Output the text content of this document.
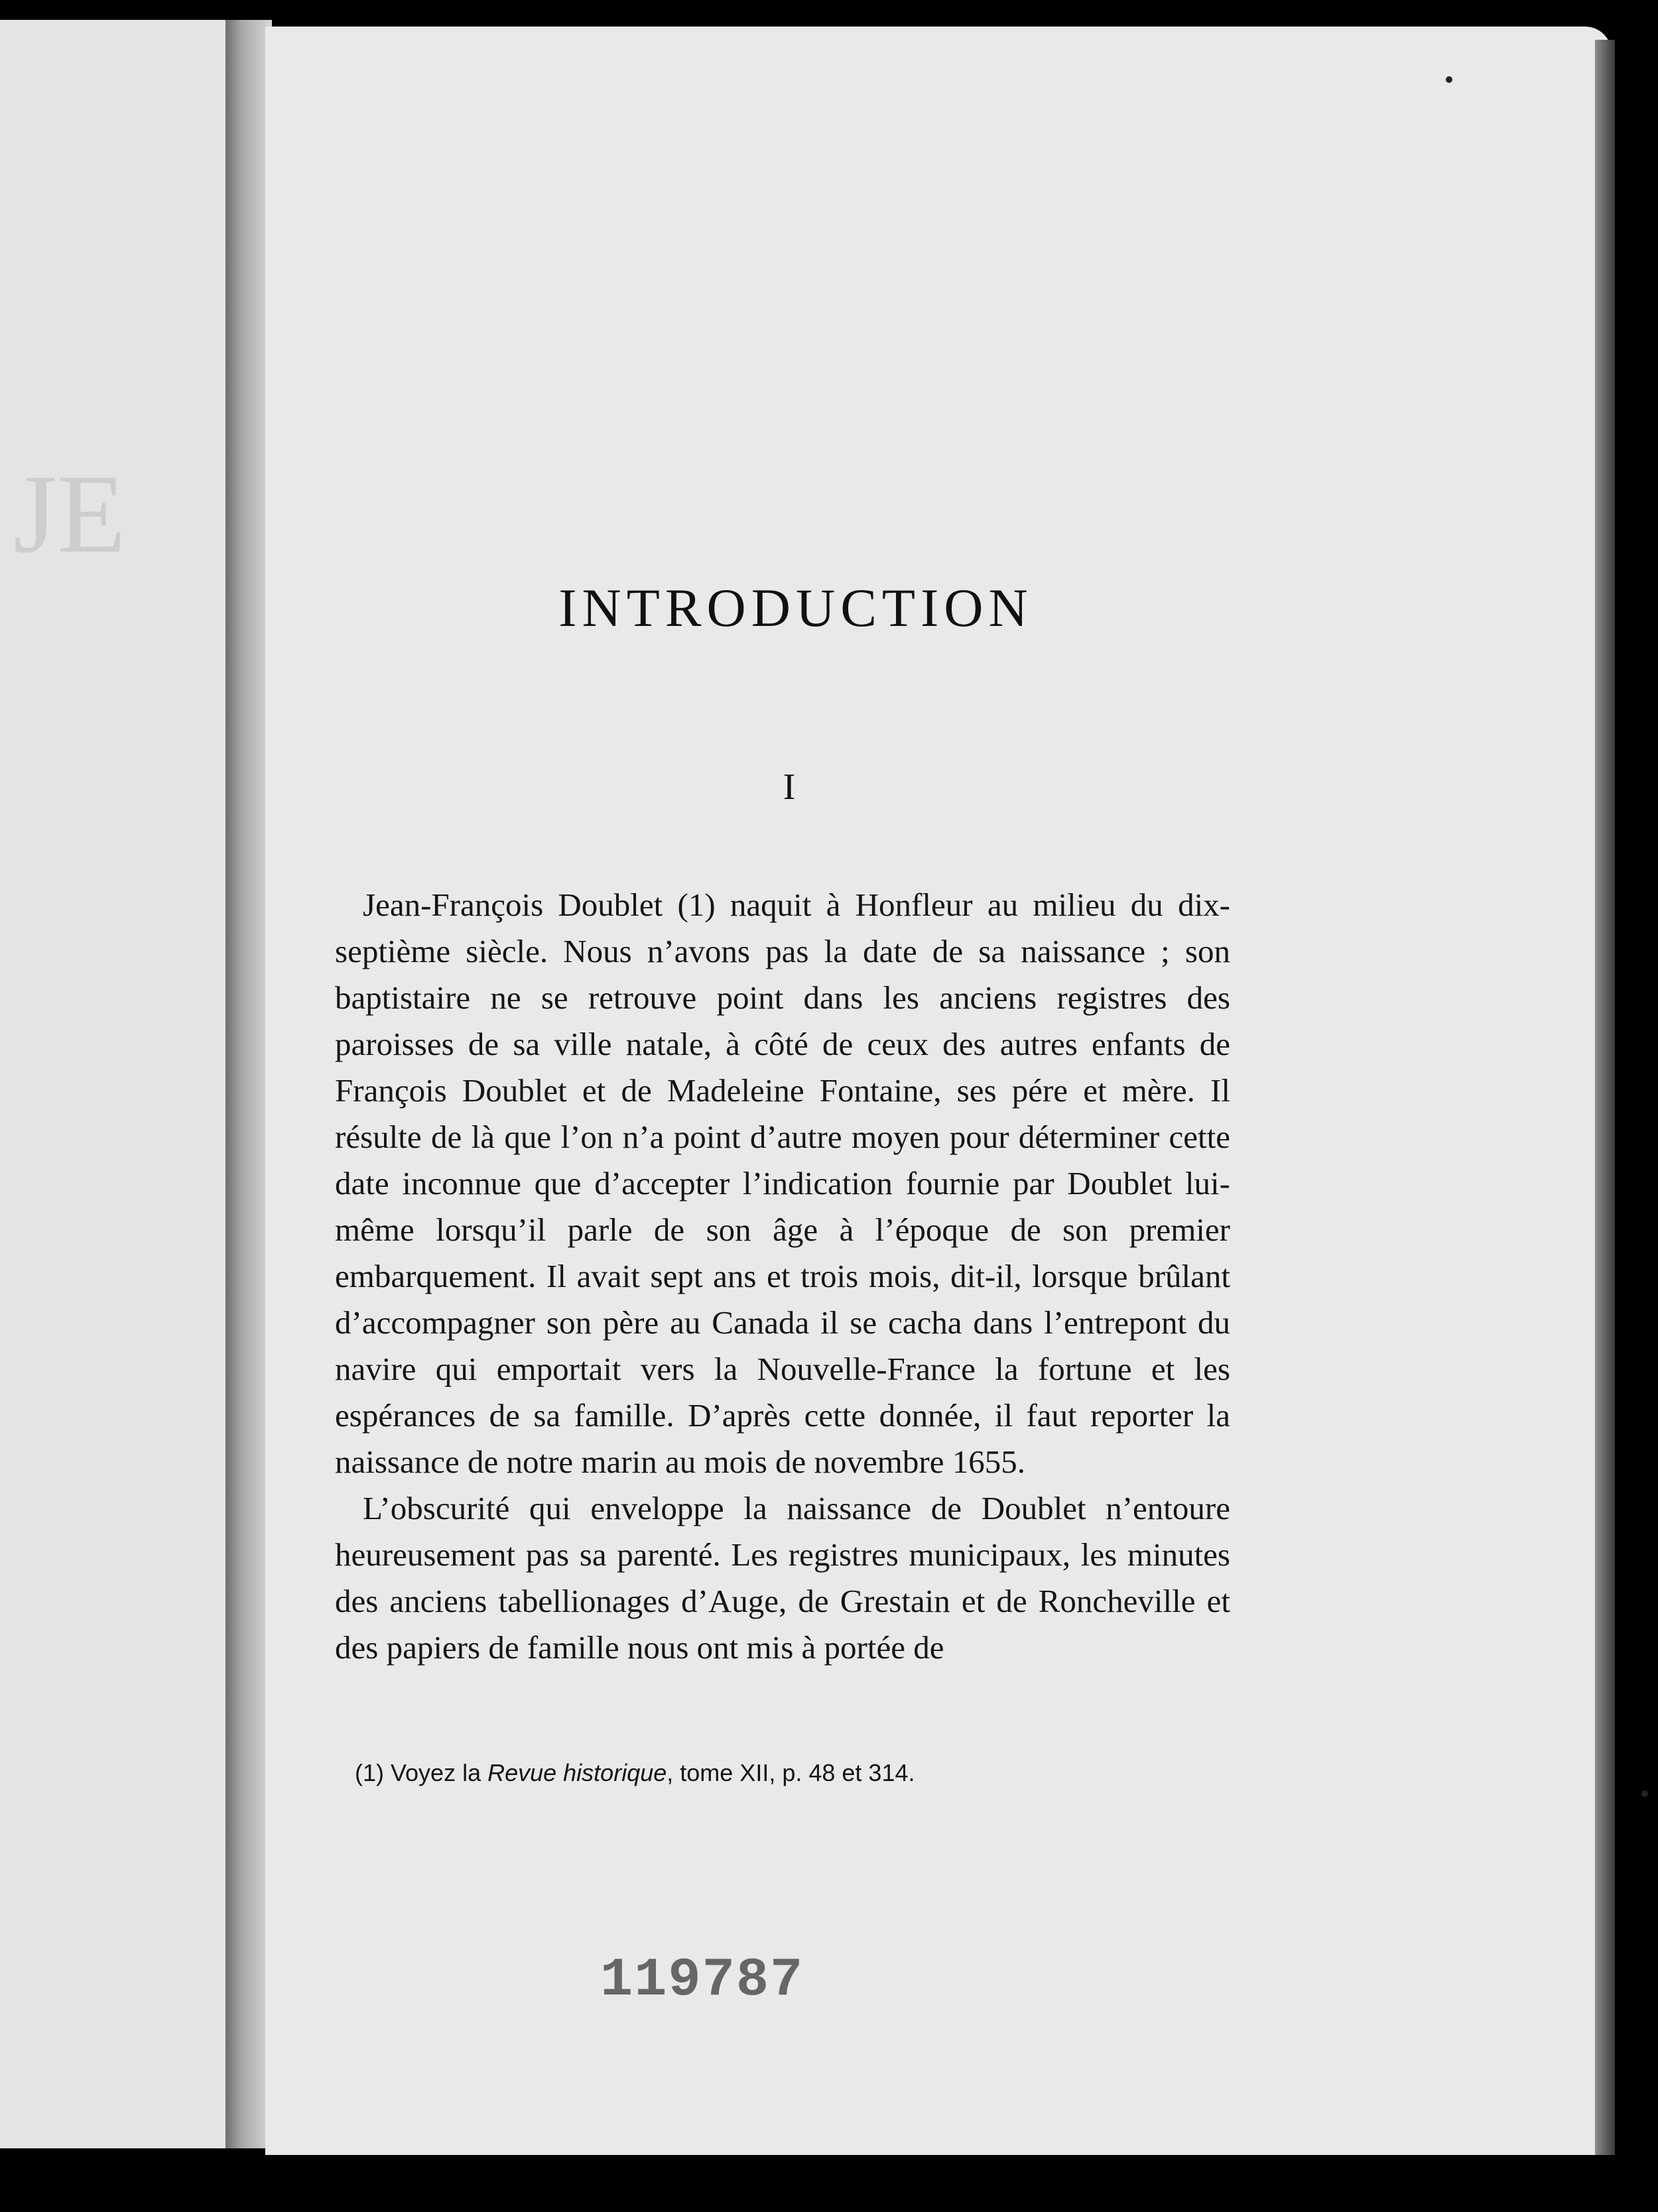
JE
INTRODUCTION
I

Jean-François Doublet (1) naquit à Honfleur au milieu du dix-septième siècle. Nous n’avons pas la date de sa naissance ; son baptistaire ne se retrouve point dans les anciens registres des paroisses de sa ville natale, à côté de ceux des autres enfants de François Doublet et de Madeleine Fontaine, ses pére et mère. Il résulte de là que l’on n’a point d’autre moyen pour déterminer cette date inconnue que d’accepter l’indication fournie par Doublet lui-même lorsqu’il parle de son âge à l’époque de son premier embarquement. Il avait sept ans et trois mois, dit-il, lorsque brûlant d’accompagner son père au Canada il se cacha dans l’entrepont du navire qui emportait vers la Nouvelle-France la fortune et les espérances de sa famille. D’après cette donnée, il faut reporter la naissance de notre marin au mois de novembre 1655.

L’obscurité qui enveloppe la naissance de Doublet n’entoure heureusement pas sa parenté. Les registres municipaux, les minutes des anciens tabellionages d’Auge, de Grestain et de Roncheville et des papiers de famille nous ont mis à portée de

(1) Voyez la Revue historique, tome XII, p. 48 et 314.
119787
